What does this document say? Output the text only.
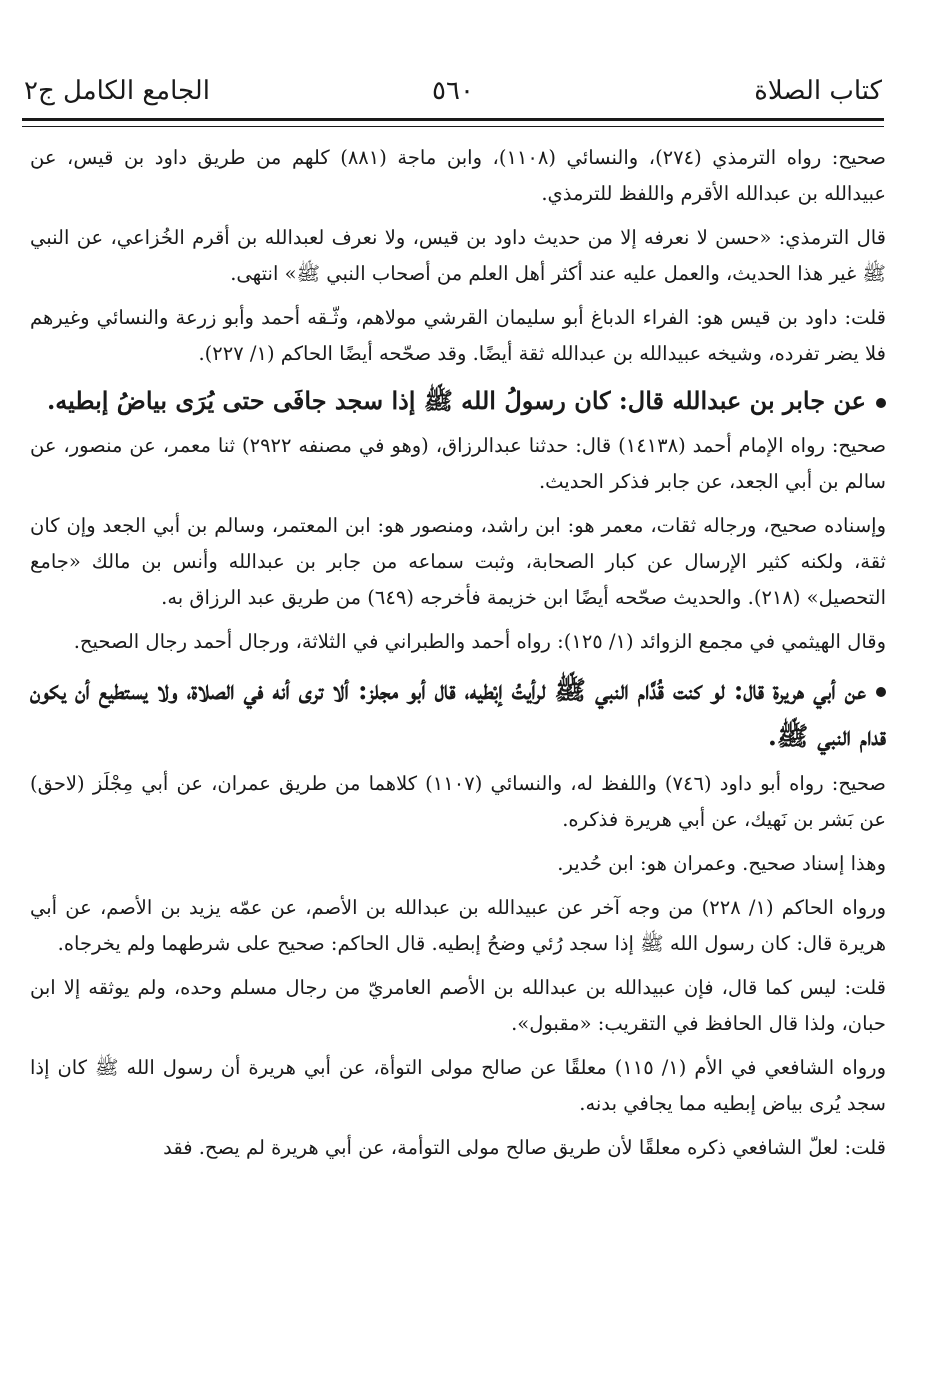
كتاب الصلاة
٥٦٠
الجامع الكامل ج٢

صحيح: رواه الترمذي (٢٧٤)، والنسائي (١١٠٨)، وابن ماجة (٨٨١) كلهم من طريق داود بن قيس، عن عبيدالله بن عبدالله الأقرم واللفظ للترمذي.

قال الترمذي: «حسن لا نعرفه إلا من حديث داود بن قيس، ولا نعرف لعبدالله بن أقرم الخُزاعي، عن النبي ﷺ غير هذا الحديث، والعمل عليه عند أكثر أهل العلم من أصحاب النبي ﷺ» انتهى.

قلت: داود بن قيس هو: الفراء الدباغ أبو سليمان القرشي مولاهم، وثّـقه أحمد وأبو زرعة والنسائي وغيرهم فلا يضر تفرده، وشيخه عبيدالله بن عبدالله ثقة أيضًا. وقد صحّحه أيضًا الحاكم (١/ ٢٢٧).

عن جابر بن عبدالله قال: كان رسولُ الله ﷺ إذا سجد جافَى حتى يُرَى بياضُ إبطيه.

صحيح: رواه الإمام أحمد (١٤١٣٨) قال: حدثنا عبدالرزاق، (وهو في مصنفه ٢٩٢٢) ثنا معمر، عن منصور، عن سالم بن أبي الجعد، عن جابر فذكر الحديث.

وإسناده صحيح، ورجاله ثقات، معمر هو: ابن راشد، ومنصور هو: ابن المعتمر، وسالم بن أبي الجعد وإن كان ثقة، ولكنه كثير الإرسال عن كبار الصحابة، وثبت سماعه من جابر بن عبدالله وأنس بن مالك «جامع التحصيل» (٢١٨). والحديث صحّحه أيضًا ابن خزيمة فأخرجه (٦٤٩) من طريق عبد الرزاق به.

وقال الهيثمي في مجمع الزوائد (١/ ١٢٥): رواه أحمد والطبراني في الثلاثة، ورجال أحمد رجال الصحيح.

عن أبي هريرة قال: لو كنت قُدَّام النبي ﷺ لرأيتُ إبْطيه، قال أبو مجلز: ألا ترى أنه في الصلاة، ولا يستطيع أن يكون قدام النبي ﷺ.

صحيح: رواه أبو داود (٧٤٦) واللفظ له، والنسائي (١١٠٧) كلاهما من طريق عمران، عن أبي مِجْلَز (لاحق) عن بَشر بن نَهيك، عن أبي هريرة فذكره.

وهذا إسناد صحيح. وعمران هو: ابن حُدير.

ورواه الحاكم (١/ ٢٢٨) من وجه آخر عن عبيدالله بن عبدالله بن الأصم، عن عمّه يزيد بن الأصم، عن أبي هريرة قال: كان رسول الله ﷺ إذا سجد رُئي وضحُ إبطيه. قال الحاكم: صحيح على شرطهما ولم يخرجاه.

قلت: ليس كما قال، فإن عبيدالله بن عبدالله بن الأصم العامريّ من رجال مسلم وحده، ولم يوثقه إلا ابن حبان، ولذا قال الحافظ في التقريب: «مقبول».

ورواه الشافعي في الأم (١/ ١١٥) معلقًا عن صالح مولى التوأة، عن أبي هريرة أن رسول الله ﷺ كان إذا سجد يُرى بياض إبطيه مما يجافي بدنه.

قلت: لعلّ الشافعي ذكره معلقًا لأن طريق صالح مولى التوأمة، عن أبي هريرة لم يصح. فقد
